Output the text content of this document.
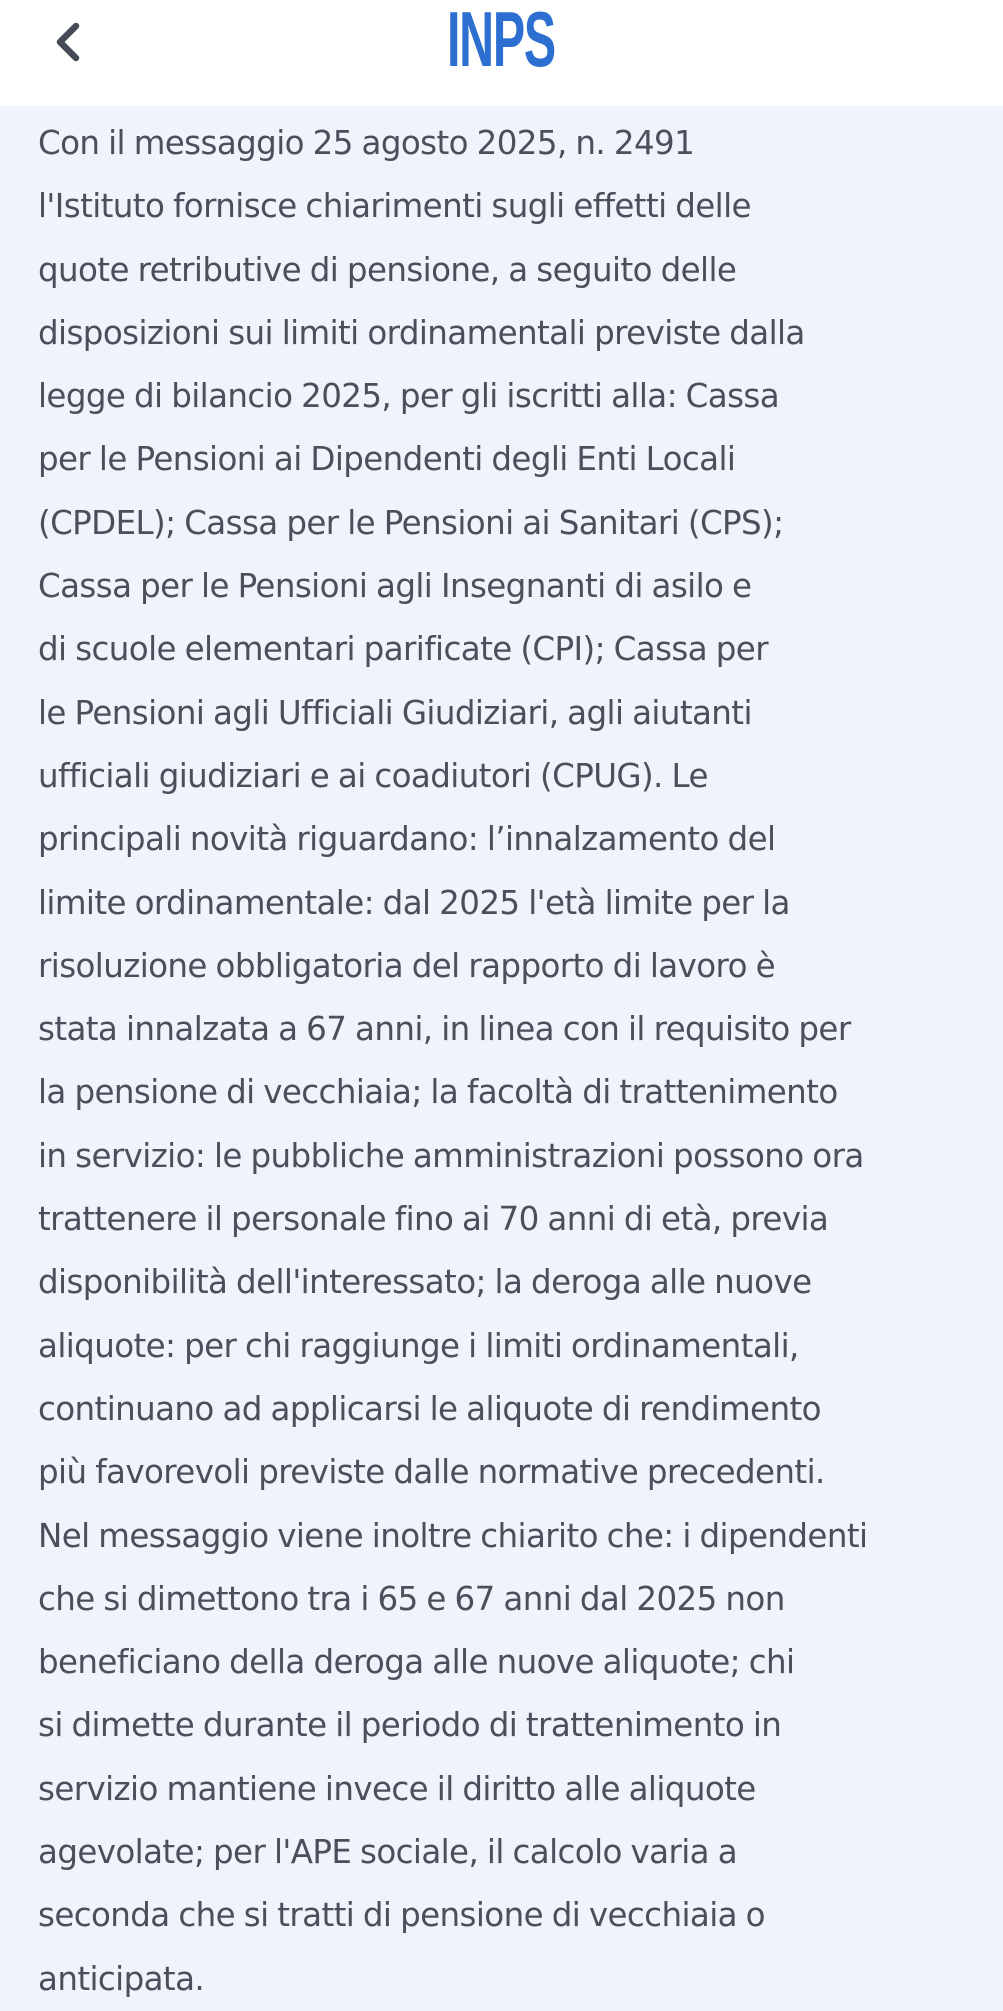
INPS

Con il messaggio 25 agosto 2025, n. 2491

l'Istituto fornisce chiarimenti sugli effetti delle

quote retributive di pensione, a seguito delle

disposizioni sui limiti ordinamentali previste dalla

legge di bilancio 2025, per gli iscritti alla: Cassa

per le Pensioni ai Dipendenti degli Enti Locali

(CPDEL); Cassa per le Pensioni ai Sanitari (CPS);

Cassa per le Pensioni agli Insegnanti di asilo e

di scuole elementari parificate (CPI); Cassa per

le Pensioni agli Ufficiali Giudiziari, agli aiutanti

ufficiali giudiziari e ai coadiutori (CPUG). Le

principali novità riguardano: l’innalzamento del

limite ordinamentale: dal 2025 l'età limite per la

risoluzione obbligatoria del rapporto di lavoro è

stata innalzata a 67 anni, in linea con il requisito per

la pensione di vecchiaia; la facoltà di trattenimento

in servizio: le pubbliche amministrazioni possono ora

trattenere il personale fino ai 70 anni di età, previa

disponibilità dell'interessato; la deroga alle nuove

aliquote: per chi raggiunge i limiti ordinamentali,

continuano ad applicarsi le aliquote di rendimento

più favorevoli previste dalle normative precedenti.

Nel messaggio viene inoltre chiarito che: i dipendenti

che si dimettono tra i 65 e 67 anni dal 2025 non

beneficiano della deroga alle nuove aliquote; chi

si dimette durante il periodo di trattenimento in

servizio mantiene invece il diritto alle aliquote

agevolate; per l'APE sociale, il calcolo varia a

seconda che si tratti di pensione di vecchiaia o

anticipata.
